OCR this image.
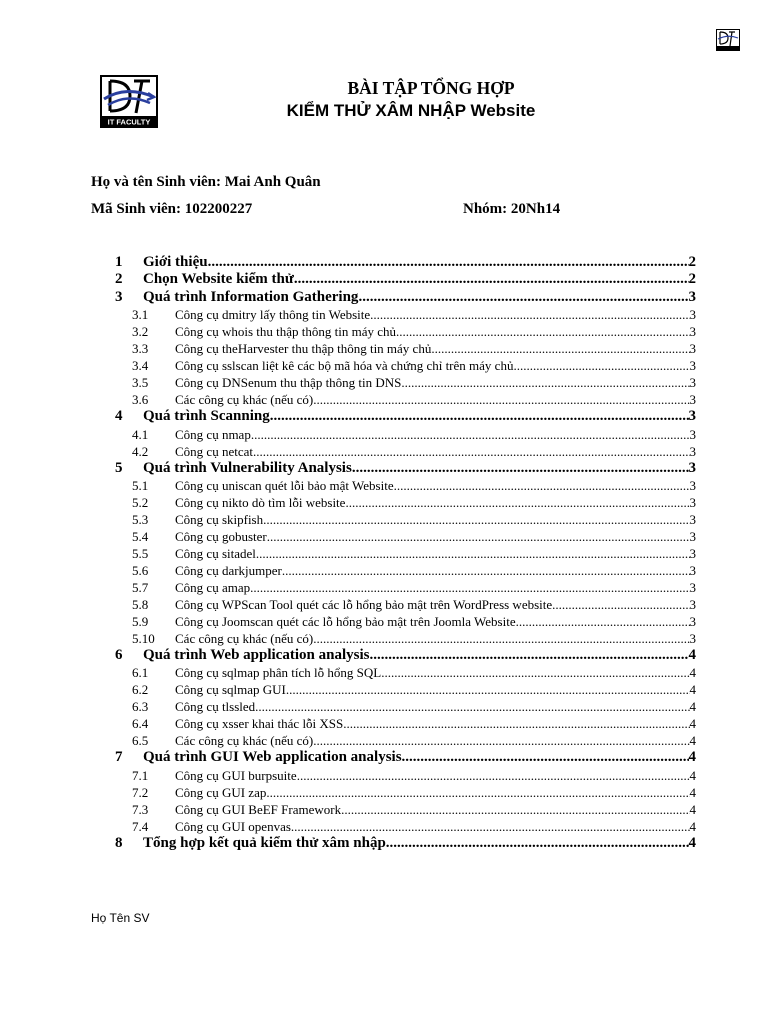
IT FACULTY
BÀI TẬP TỔNG HỢP
KIỂM THỬ XÂM NHẬP Website
Họ và tên Sinh viên: Mai Anh Quân
Mã Sinh viên: 102200227	Nhóm: 20Nh14
1	Giới thiệu .....	2
2	Chọn Website kiểm thử .....	2
3	Quá trình Information Gathering .....	3
3.1	Công cụ dmitry lấy thông tin Website .....	3
3.2	Công cụ whois thu thập thông tin máy chủ .....	3
3.3	Công cụ theHarvester thu thập thông tin máy chủ .....	3
3.4	Công cụ sslscan liệt kê các bộ mã hóa và chứng chỉ trên máy chủ .....	3
3.5	Công cụ DNSenum thu thập thông tin DNS .....	3
3.6	Các công cụ khác (nếu có) .....	3
4	Quá trình Scanning .....	3
4.1	Công cụ nmap .....	3
4.2	Công cụ netcat .....	3
5	Quá trình Vulnerability Analysis .....	3
5.1	Công cụ uniscan quét lỗi bảo mật Website .....	3
5.2	Công cụ nikto dò tìm lỗi website .....	3
5.3	Công cụ skipfish .....	3
5.4	Công cụ gobuster .....	3
5.5	Công cụ sitadel .....	3
5.6	Công cụ darkjumper .....	3
5.7	Công cụ amap .....	3
5.8	Công cụ WPScan Tool quét các lỗ hổng bảo mật trên WordPress website .....	3
5.9	Công cụ Joomscan quét các lỗ hổng bảo mật trên Joomla Website .....	3
5.10	Các công cụ khác (nếu có) .....	3
6	Quá trình Web application analysis .....	4
6.1	Công cụ sqlmap phân tích lỗ hổng SQL .....	4
6.2	Công cụ sqlmap GUI .....	4
6.3	Công cụ tlssled .....	4
6.4	Công cụ xsser khai thác lỗi XSS .....	4
6.5	Các công cụ khác (nếu có) .....	4
7	Quá trình GUI Web application analysis .....	4
7.1	Công cụ GUI burpsuite .....	4
7.2	Công cụ GUI zap .....	4
7.3	Công cụ GUI BeEF Framework .....	4
7.4	Công cụ GUI openvas .....	4
8	Tổng hợp kết quả kiểm thử xâm nhập .....	4
Họ Tên SV
